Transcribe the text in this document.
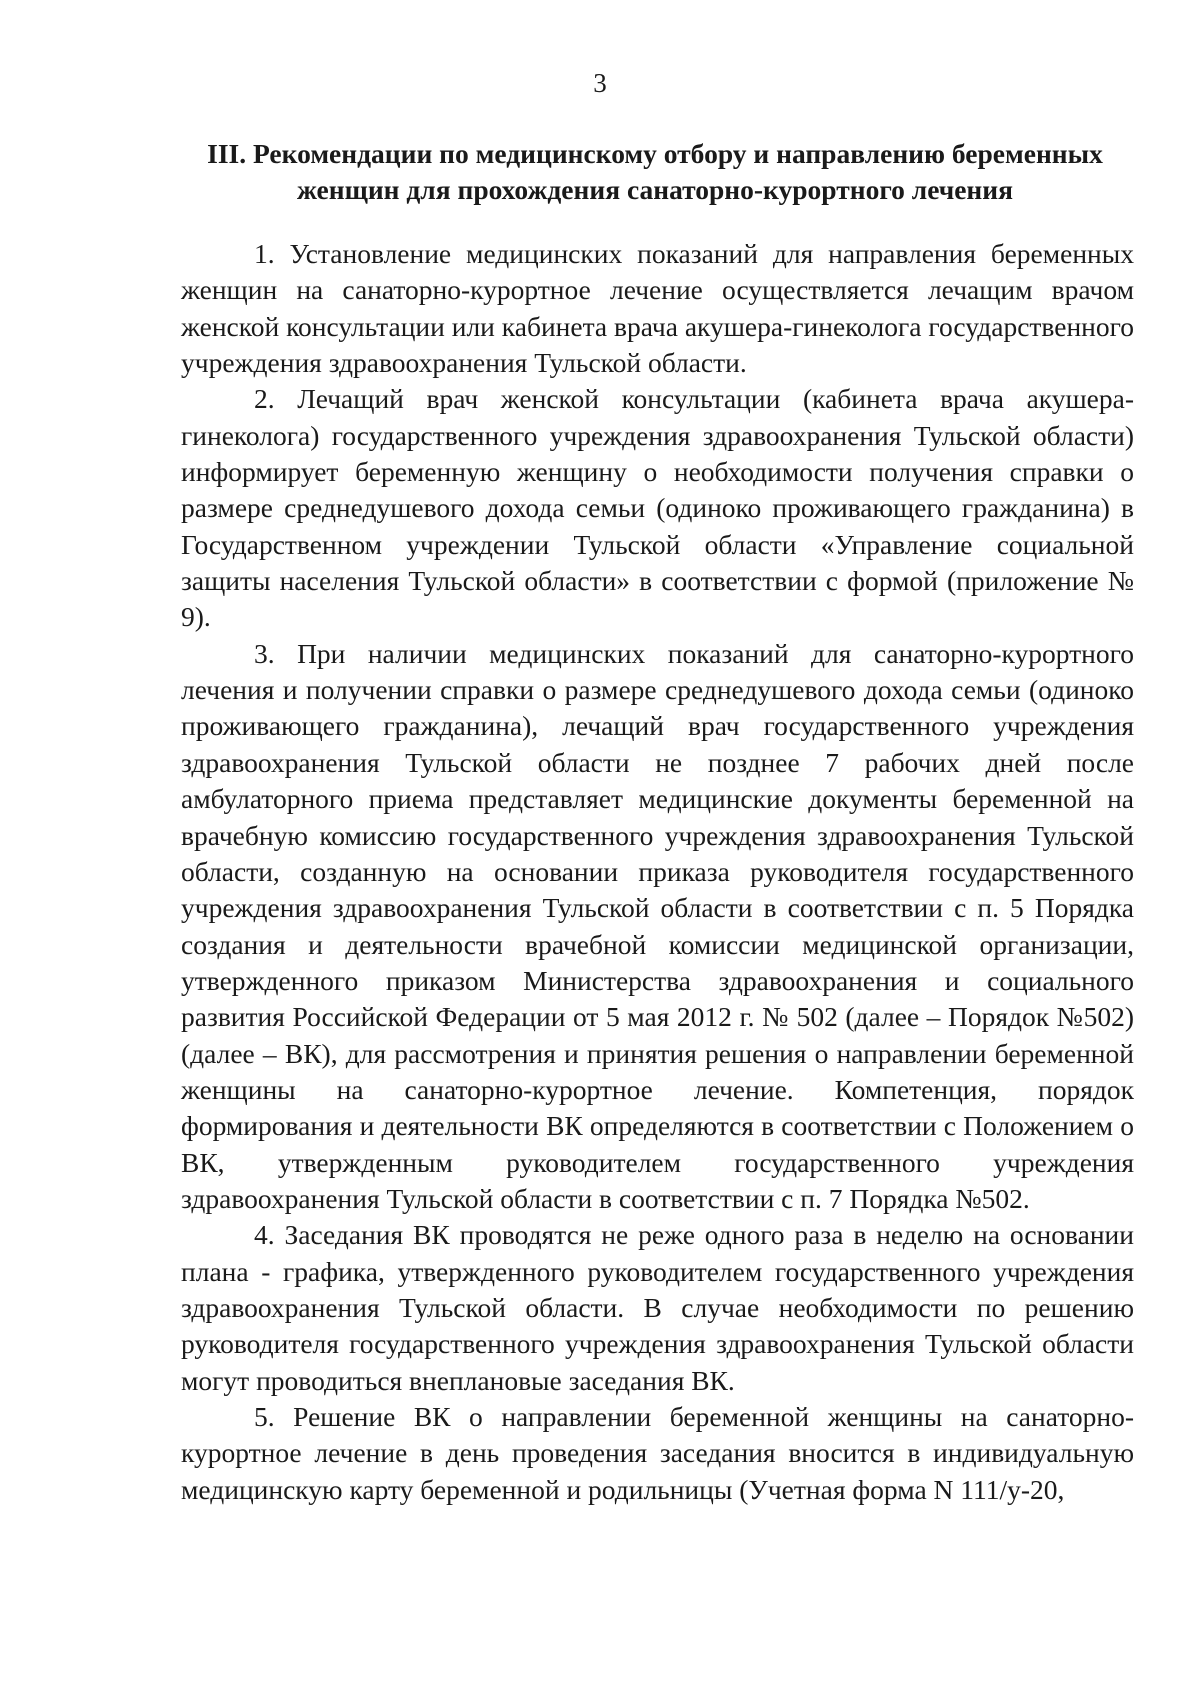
3
III. Рекомендации по медицинскому отбору и направлению беременных
женщин для прохождения санаторно-курортного лечения

1. Установление медицинских показаний для направления беременных женщин на санаторно-курортное лечение осуществляется лечащим врачом женской консультации или кабинета врача акушера-гинеколога государственного учреждения здравоохранения Тульской области.

2. Лечащий врач женской консультации (кабинета врача акушера-гинеколога) государственного учреждения здравоохранения Тульской области) информирует беременную женщину о необходимости получения справки о размере среднедушевого дохода семьи (одиноко проживающего гражданина) в Государственном учреждении Тульской области «Управление социальной защиты населения Тульской области» в соответствии с формой (приложение № 9).

3. При наличии медицинских показаний для санаторно-курортного лечения и получении справки о размере среднедушевого дохода семьи (одиноко проживающего гражданина), лечащий врач государственного учреждения здравоохранения Тульской области не позднее 7 рабочих дней после амбулаторного приема представляет медицинские документы беременной на врачебную комиссию государственного учреждения здравоохранения Тульской области, созданную на основании приказа руководителя государственного учреждения здравоохранения Тульской области в соответствии с п. 5 Порядка создания и деятельности врачебной комиссии медицинской организации, утвержденного приказом Министерства здравоохранения и социального развития Российской Федерации от 5 мая 2012 г. № 502 (далее – Порядок №502) (далее – ВК), для рассмотрения и принятия решения о направлении беременной женщины на санаторно-курортное лечение. Компетенция, порядок формирования и деятельности ВК определяются в соответствии с Положением о ВК, утвержденным руководителем государственного учреждения здравоохранения Тульской области в соответствии с п. 7 Порядка №502.

4. Заседания ВК проводятся не реже одного раза в неделю на основании плана - графика, утвержденного руководителем государственного учреждения здравоохранения Тульской области. В случае необходимости по решению руководителя государственного учреждения здравоохранения Тульской области могут проводиться внеплановые заседания ВК.

5. Решение ВК о направлении беременной женщины на санаторно-курортное лечение в день проведения заседания вносится в индивидуальную медицинскую карту беременной и родильницы (Учетная форма N 111/у-20,
